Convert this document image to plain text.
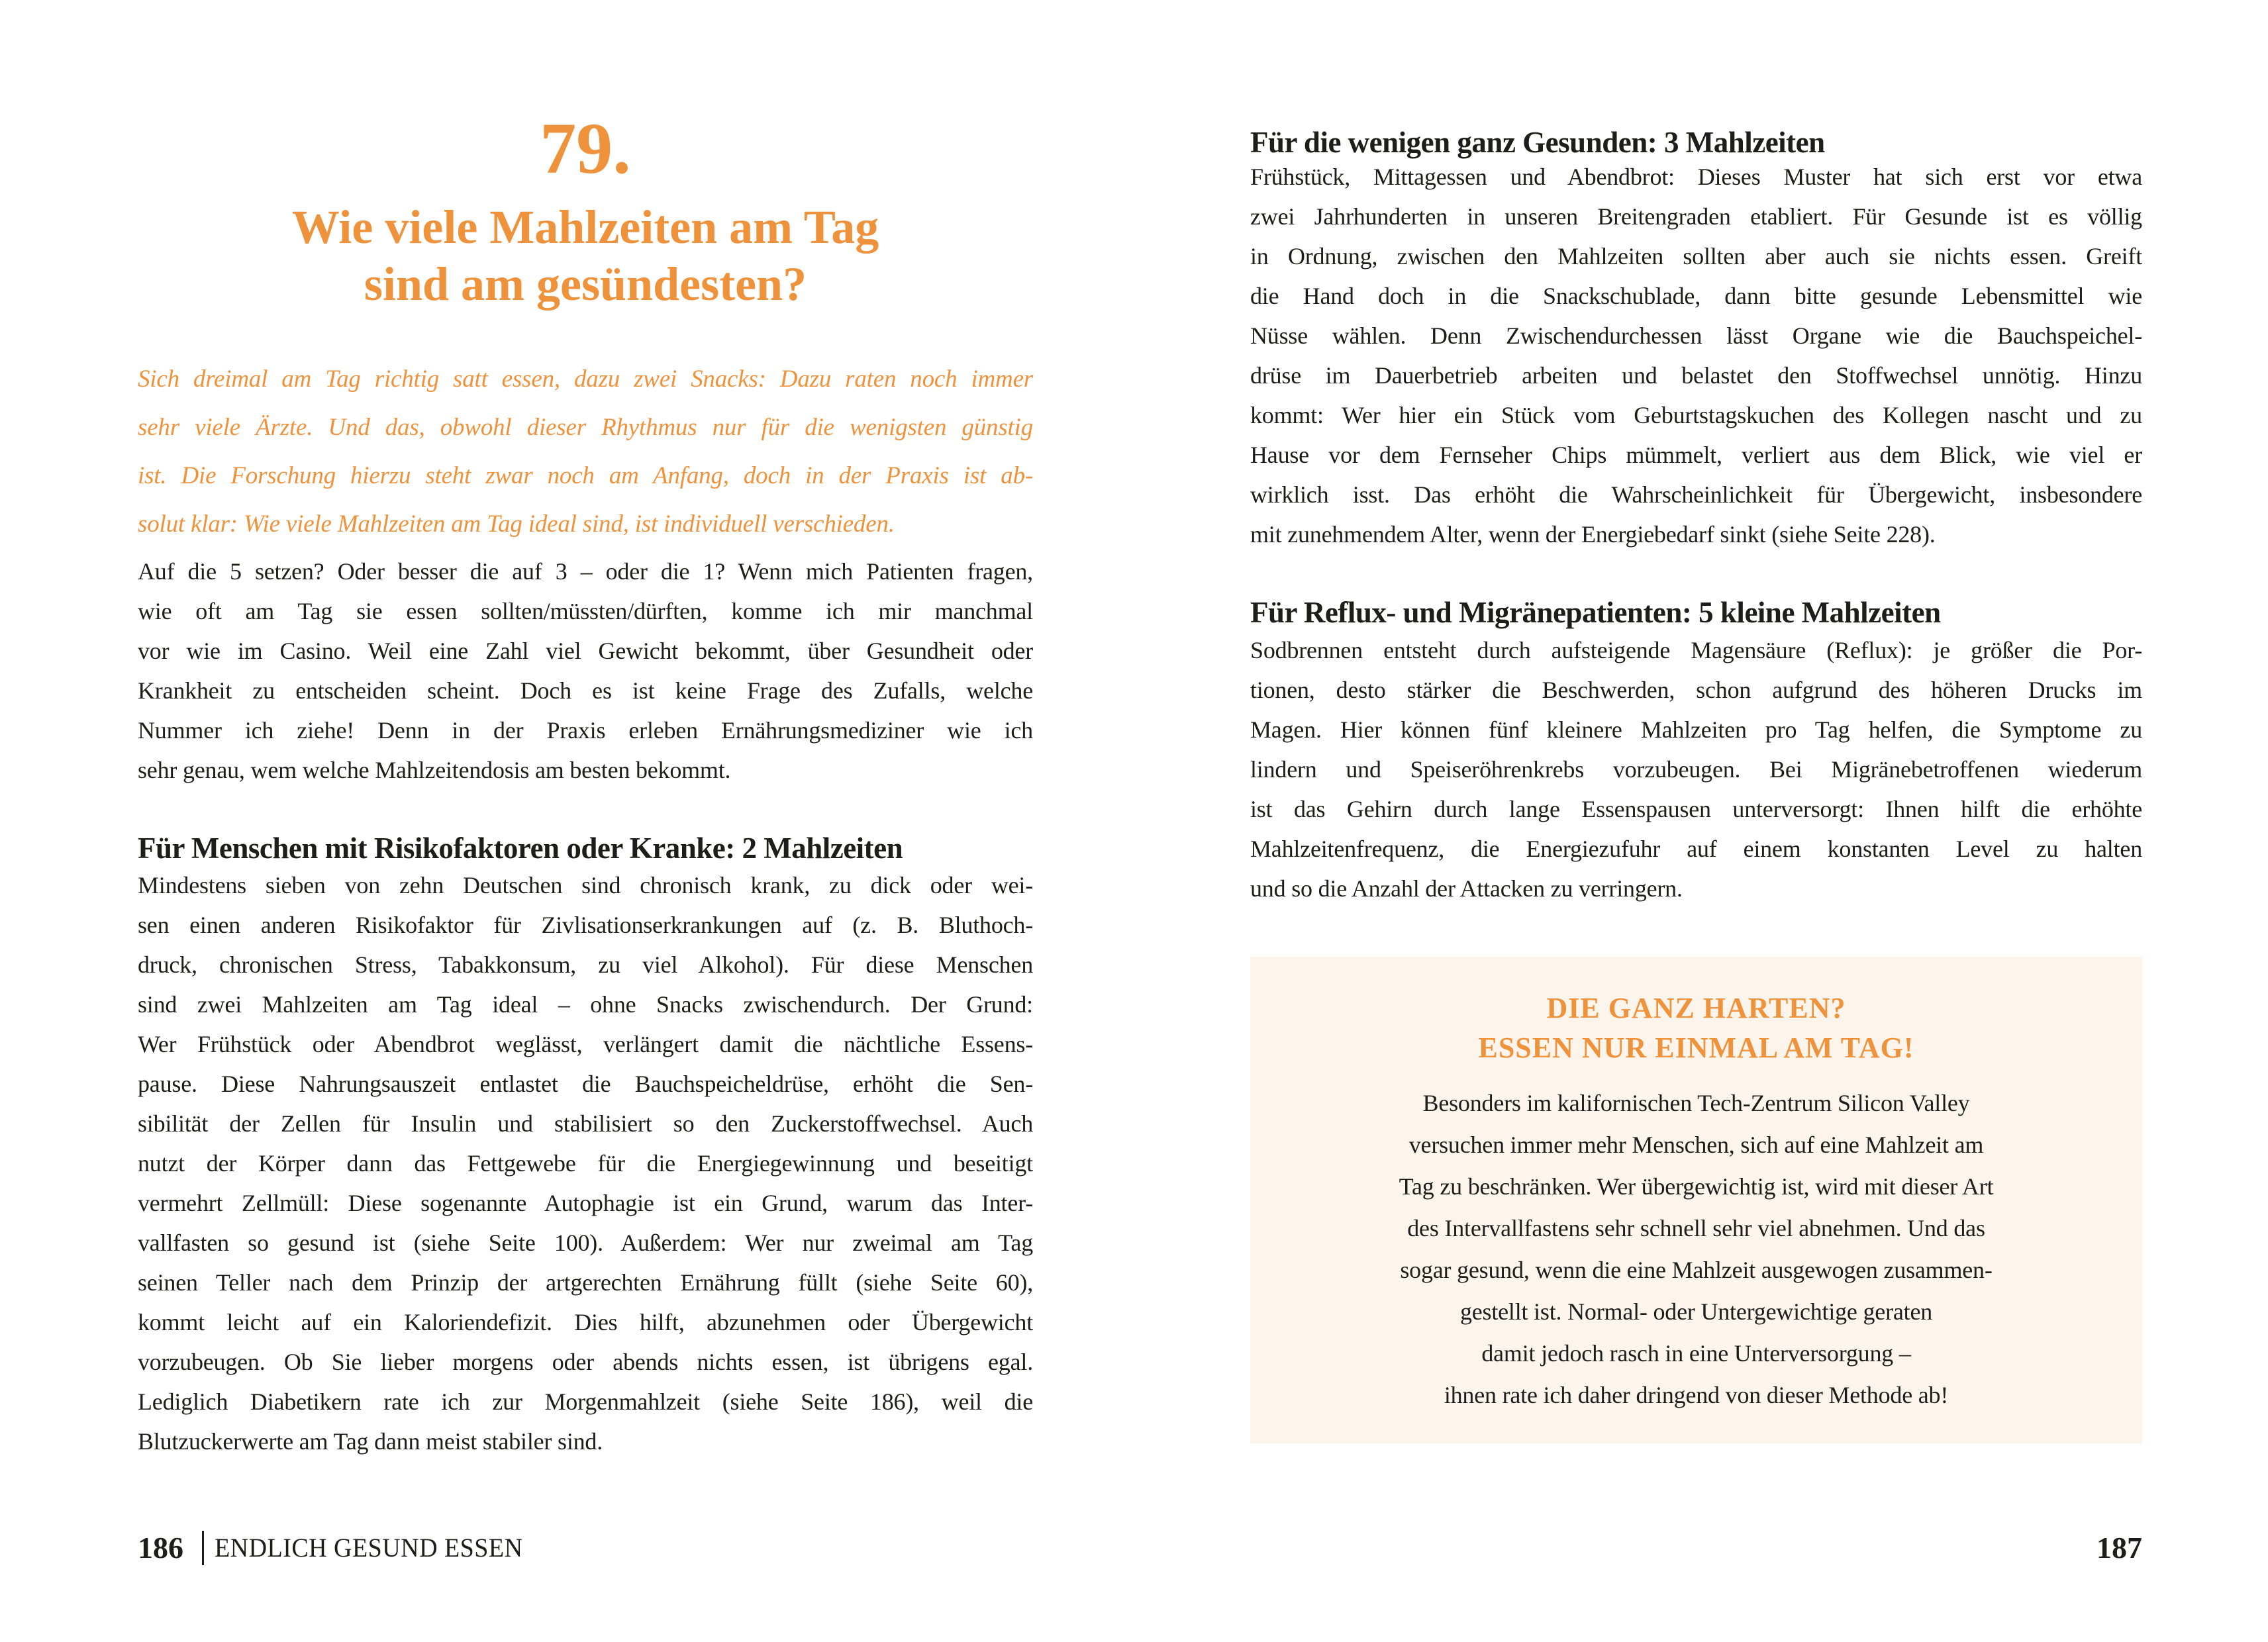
79.
Wie viele Mahlzeiten am Tag
sind am gesündesten?
Sich dreimal am Tag richtig satt essen, dazu zwei Snacks: Dazu raten noch immer
sehr viele Ärzte. Und das, obwohl dieser Rhythmus nur für die wenigsten günstig
ist. Die Forschung hierzu steht zwar noch am Anfang, doch in der Praxis ist ab-
solut klar: Wie viele Mahlzeiten am Tag ideal sind, ist individuell verschieden.
Auf die 5 setzen? Oder besser die auf 3 – oder die 1? Wenn mich Patienten fragen,
wie oft am Tag sie essen sollten/müssten/dürften, komme ich mir manchmal
vor wie im Casino. Weil eine Zahl viel Gewicht bekommt, über Gesundheit oder
Krankheit zu entscheiden scheint. Doch es ist keine Frage des Zufalls, welche
Nummer ich ziehe! Denn in der Praxis erleben Ernährungsmediziner wie ich
sehr genau, wem welche Mahlzeitendosis am besten bekommt.
Für Menschen mit Risikofaktoren oder Kranke: 2 Mahlzeiten
Mindestens sieben von zehn Deutschen sind chronisch krank, zu dick oder wei-
sen einen anderen Risikofaktor für Zivlisationserkrankungen auf (z. B. Bluthoch-
druck, chronischen Stress, Tabakkonsum, zu viel Alkohol). Für diese Menschen
sind zwei Mahlzeiten am Tag ideal – ohne Snacks zwischendurch. Der Grund:
Wer Frühstück oder Abendbrot weglässt, verlängert damit die nächtliche Essens-
pause. Diese Nahrungsauszeit entlastet die Bauchspeicheldrüse, erhöht die Sen-
sibilität der Zellen für Insulin und stabilisiert so den Zuckerstoffwechsel. Auch
nutzt der Körper dann das Fettgewebe für die Energiegewinnung und beseitigt
vermehrt Zellmüll: Diese sogenannte Autophagie ist ein Grund, warum das Inter-
vallfasten so gesund ist (siehe Seite 100). Außerdem: Wer nur zweimal am Tag
seinen Teller nach dem Prinzip der artgerechten Ernährung füllt (siehe Seite 60),
kommt leicht auf ein Kaloriendefizit. Dies hilft, abzunehmen oder Übergewicht
vorzubeugen. Ob Sie lieber morgens oder abends nichts essen, ist übrigens egal.
Lediglich Diabetikern rate ich zur Morgenmahlzeit (siehe Seite 186), weil die
Blutzuckerwerte am Tag dann meist stabiler sind.
186 ENDLICH GESUND ESSEN
Für die wenigen ganz Gesunden: 3 Mahlzeiten
Frühstück, Mittagessen und Abendbrot: Dieses Muster hat sich erst vor etwa
zwei Jahrhunderten in unseren Breitengraden etabliert. Für Gesunde ist es völlig
in Ordnung, zwischen den Mahlzeiten sollten aber auch sie nichts essen. Greift
die Hand doch in die Snackschublade, dann bitte gesunde Lebensmittel wie
Nüsse wählen. Denn Zwischendurchessen lässt Organe wie die Bauchspeichel-
drüse im Dauerbetrieb arbeiten und belastet den Stoffwechsel unnötig. Hinzu
kommt: Wer hier ein Stück vom Geburtstagskuchen des Kollegen nascht und zu
Hause vor dem Fernseher Chips mümmelt, verliert aus dem Blick, wie viel er
wirklich isst. Das erhöht die Wahrscheinlichkeit für Übergewicht, insbesondere
mit zunehmendem Alter, wenn der Energiebedarf sinkt (siehe Seite 228).
Für Reflux- und Migränepatienten: 5 kleine Mahlzeiten
Sodbrennen entsteht durch aufsteigende Magensäure (Reflux): je größer die Por-
tionen, desto stärker die Beschwerden, schon aufgrund des höheren Drucks im
Magen. Hier können fünf kleinere Mahlzeiten pro Tag helfen, die Symptome zu
lindern und Speiseröhrenkrebs vorzubeugen. Bei Migränebetroffenen wiederum
ist das Gehirn durch lange Essenspausen unterversorgt: Ihnen hilft die erhöhte
Mahlzeitenfrequenz, die Energiezufuhr auf einem konstanten Level zu halten
und so die Anzahl der Attacken zu verringern.
DIE GANZ HARTEN?
ESSEN NUR EINMAL AM TAG!
Besonders im kalifornischen Tech-Zentrum Silicon Valley
versuchen immer mehr Menschen, sich auf eine Mahlzeit am
Tag zu beschränken. Wer übergewichtig ist, wird mit dieser Art
des Intervallfastens sehr schnell sehr viel abnehmen. Und das
sogar gesund, wenn die eine Mahlzeit ausgewogen zusammen-
gestellt ist. Normal- oder Untergewichtige geraten
damit jedoch rasch in eine Unterversorgung –
ihnen rate ich daher dringend von dieser Methode ab!
187
